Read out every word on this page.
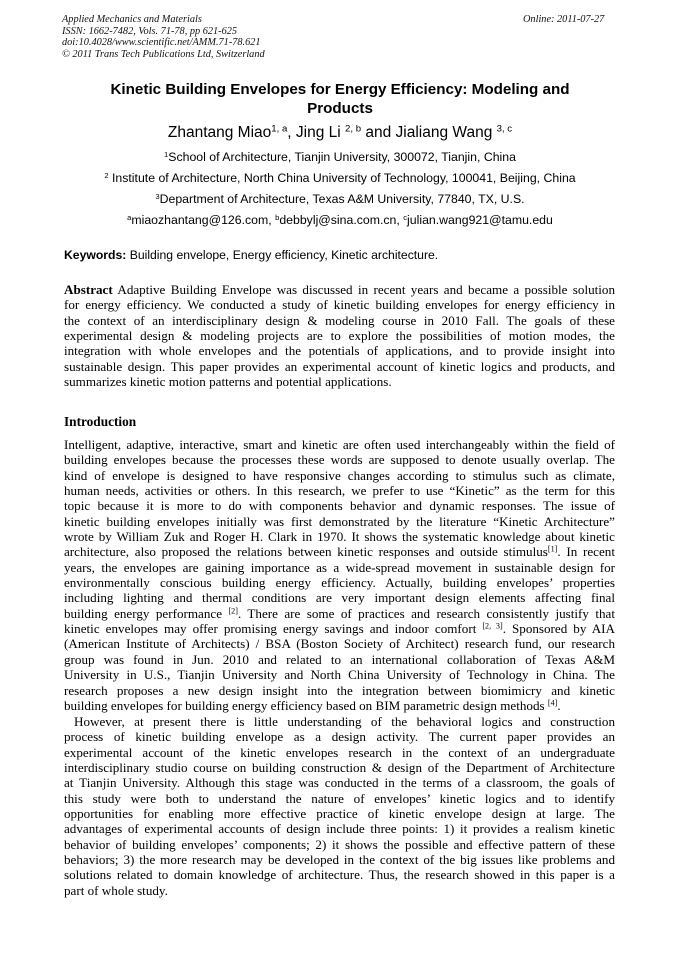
Applied Mechanics and Materials
ISSN: 1662-7482, Vols. 71-78, pp 621-625
doi:10.4028/www.scientific.net/AMM.71-78.621
© 2011 Trans Tech Publications Ltd, Switzerland
Online: 2011-07-27
Kinetic Building Envelopes for Energy Efficiency: Modeling and
Products
Zhantang Miao$^{1, a}$, Jing Li $^{2, b}$ and Jialiang Wang $^{3, c}$
$^1$School of Architecture, Tianjin University, 300072, Tianjin, China
$^2$ Institute of Architecture, North China University of Technology, 100041, Beijing, China
$^3$Department of Architecture, Texas A&M University, 77840, TX, U.S.
$^a$miaozhantang@126.com, $^b$debbylj@sina.com.cn, $^c$julian.wang921@tamu.edu
Keywords: Building envelope, Energy efficiency, Kinetic architecture.
Abstract Adaptive Building Envelope was discussed in recent years and became a possible solution
for energy efficiency. We conducted a study of kinetic building envelopes for energy efficiency in
the context of an interdisciplinary design & modeling course in 2010 Fall. The goals of these
experimental design & modeling projects are to explore the possibilities of motion modes, the
integration with whole envelopes and the potentials of applications, and to provide insight into
sustainable design. This paper provides an experimental account of kinetic logics and products, and
summarizes kinetic motion patterns and potential applications.
Introduction
Intelligent, adaptive, interactive, smart and kinetic are often used interchangeably within the field of
building envelopes because the processes these words are supposed to denote usually overlap. The
kind of envelope is designed to have responsive changes according to stimulus such as climate,
human needs, activities or others. In this research, we prefer to use “Kinetic” as the term for this
topic because it is more to do with components behavior and dynamic responses. The issue of
kinetic building envelopes initially was first demonstrated by the literature “Kinetic Architecture”
wrote by William Zuk and Roger H. Clark in 1970. It shows the systematic knowledge about kinetic
architecture, also proposed the relations between kinetic responses and outside stimulus[1]. In recent
years, the envelopes are gaining importance as a wide-spread movement in sustainable design for
environmentally conscious building energy efficiency. Actually, building envelopes’ properties
including lighting and thermal conditions are very important design elements affecting final
building energy performance [2]. There are some of practices and research consistently justify that
kinetic envelopes may offer promising energy savings and indoor comfort [2, 3]. Sponsored by AIA
(American Institute of Architects) / BSA (Boston Society of Architect) research fund, our research
group was found in Jun. 2010 and related to an international collaboration of Texas A&M
University in U.S., Tianjin University and North China University of Technology in China. The
research proposes a new design insight into the integration between biomimicry and kinetic
building envelopes for building energy efficiency based on BIM parametric design methods [4].
However, at present there is little understanding of the behavioral logics and construction
process of kinetic building envelope as a design activity. The current paper provides an
experimental account of the kinetic envelopes research in the context of an undergraduate
interdisciplinary studio course on building construction & design of the Department of Architecture
at Tianjin University. Although this stage was conducted in the terms of a classroom, the goals of
this study were both to understand the nature of envelopes’ kinetic logics and to identify
opportunities for enabling more effective practice of kinetic envelope design at large. The
advantages of experimental accounts of design include three points: 1) it provides a realism kinetic
behavior of building envelopes’ components; 2) it shows the possible and effective pattern of these
behaviors; 3) the more research may be developed in the context of the big issues like problems and
solutions related to domain knowledge of architecture. Thus, the research showed in this paper is a
part of whole study.
